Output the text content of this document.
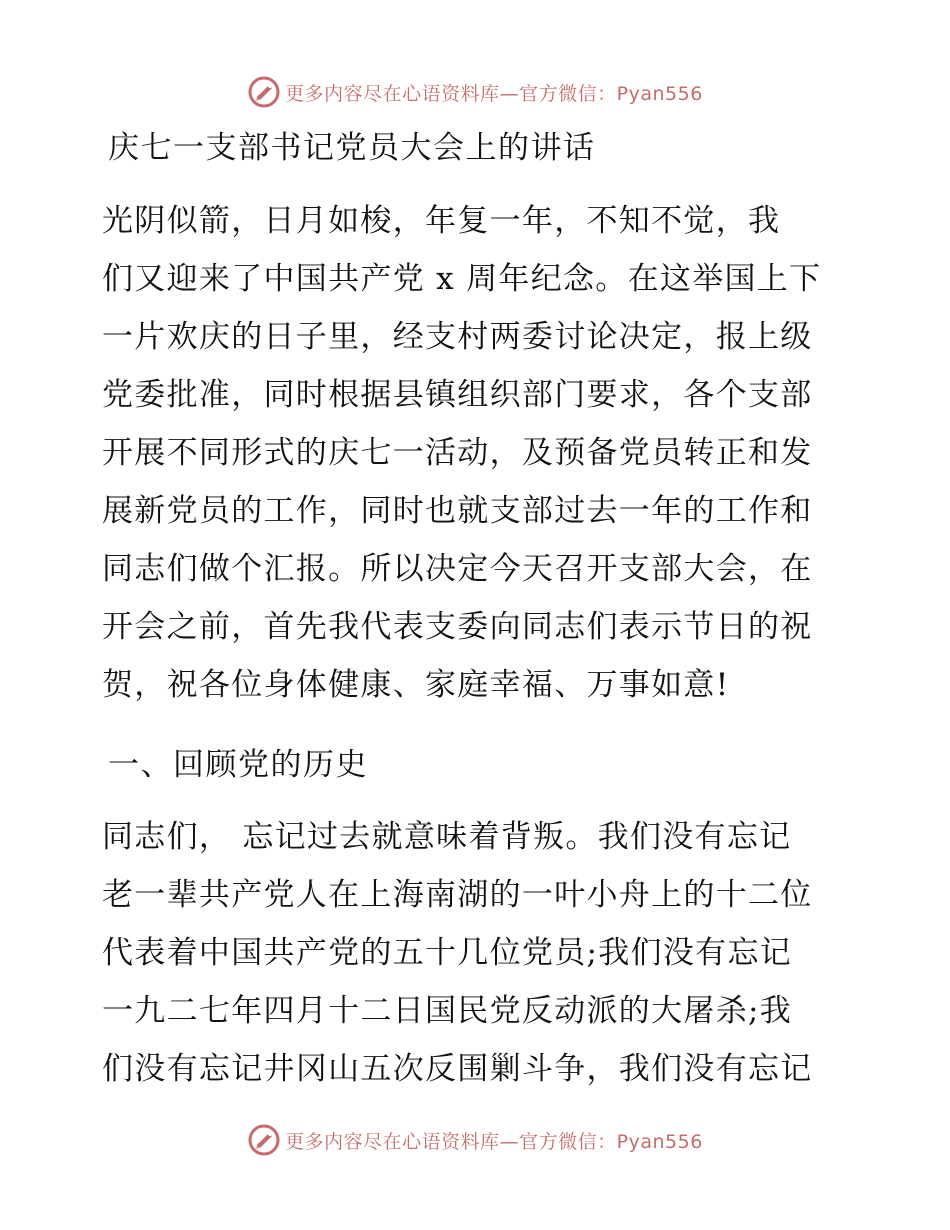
更多内容尽在心语资料库—官方微信：Pyan556
庆七一支部书记党员大会上的讲话
光阴似箭，日月如梭，年复一年，不知不觉，我
们又迎来了中国共产党 x 周年纪念。在这举国上下
一片欢庆的日子里，经支村两委讨论决定，报上级
党委批准，同时根据县镇组织部门要求，各个支部
开展不同形式的庆七一活动，及预备党员转正和发
展新党员的工作，同时也就支部过去一年的工作和
同志们做个汇报。所以决定今天召开支部大会，在
开会之前，首先我代表支委向同志们表示节日的祝
贺，祝各位身体健康、家庭幸福、万事如意!
一、回顾党的历史
同志们， 忘记过去就意味着背叛。我们没有忘记
老一辈共产党人在上海南湖的一叶小舟上的十二位
代表着中国共产党的五十几位党员;我们没有忘记
一九二七年四月十二日国民党反动派的大屠杀;我
们没有忘记井冈山五次反围剿斗争，我们没有忘记
更多内容尽在心语资料库—官方微信：Pyan556
